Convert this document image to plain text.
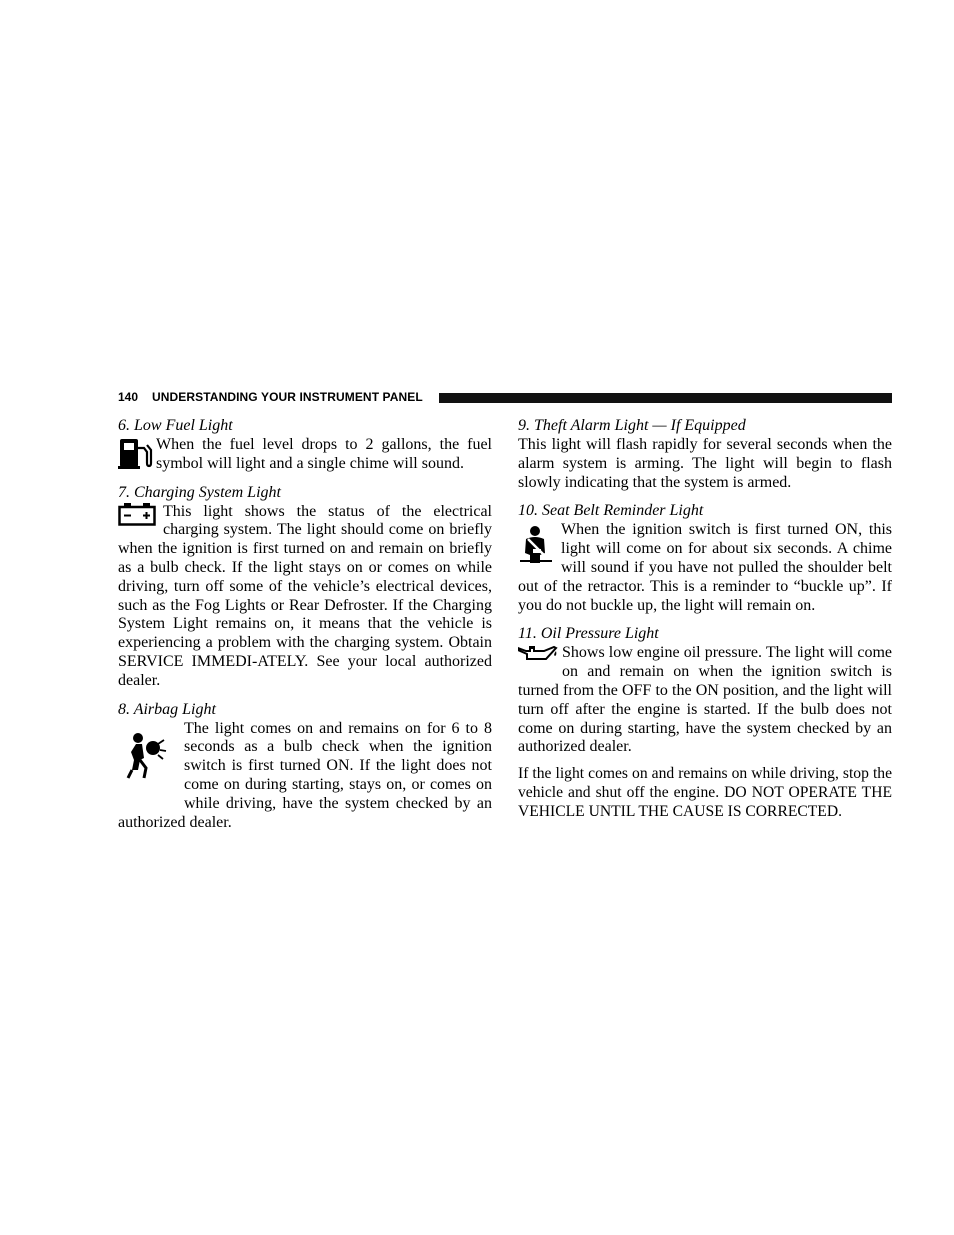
140 UNDERSTANDING YOUR INSTRUMENT PANEL

6. Low Fuel Light

When the fuel level drops to 2 gallons, the fuel symbol will light and a single chime will sound.

7. Charging System Light

This light shows the status of the electrical charging system. The light should come on briefly when the ignition is first turned on and remain on briefly as a bulb check. If the light stays on or comes on while driving, turn off some of the vehicle’s electrical devices, such as the Fog Lights or Rear Defroster. If the Charging System Light remains on, it means that the vehicle is experiencing a problem with the charging system. Obtain SERVICE IMMEDI-ATELY. See your local authorized dealer.

8. Airbag Light

The light comes on and remains on for 6 to 8 seconds as a bulb check when the ignition switch is first turned ON. If the light does not come on during starting, stays on, or comes on while driving, have the system checked by an authorized dealer.

9. Theft Alarm Light — If Equipped

This light will flash rapidly for several seconds when the alarm system is arming. The light will begin to flash slowly indicating that the system is armed.

10. Seat Belt Reminder Light

When the ignition switch is first turned ON, this light will come on for about six seconds. A chime will sound if you have not pulled the shoulder belt out of the retractor. This is a reminder to “buckle up”. If you do not buckle up, the light will remain on.

11. Oil Pressure Light

Shows low engine oil pressure. The light will come on and remain on when the ignition switch is turned from the OFF to the ON position, and the light will turn off after the engine is started. If the bulb does not come on during starting, have the system checked by an authorized dealer.

If the light comes on and remains on while driving, stop the vehicle and shut off the engine. DO NOT OPERATE THE VEHICLE UNTIL THE CAUSE IS CORRECTED.
